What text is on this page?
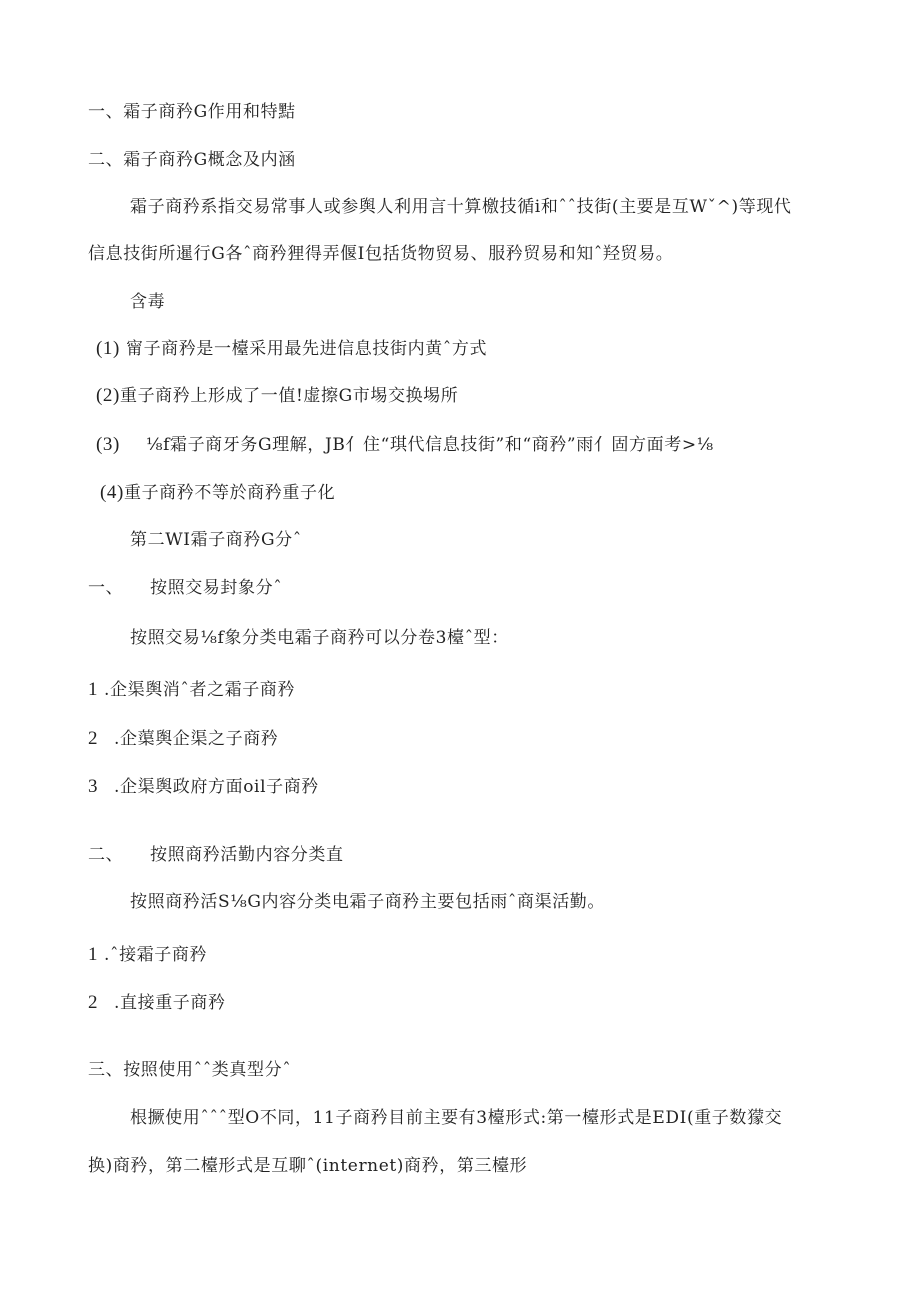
一、霜子商矜G作用和特黠
二、霜子商矜G概念及内涵
霜子商矜系指交易常事人或参舆人利用言十算檄技循i和ˆˆ技街(主要是互Wˇ^)等现代
信息技街所暹行G各ˆ商矜狸得弄偃I包括货物贸易、服矜贸易和知ˆ羟贸易。
含毒
(1) 甯子商矜是一檯采用最先进信息技街内黄ˆ方式
(2)重子商矜上形成了一值!虚擦G市埸交换埸所
(3) ⅛f霜子商牙务G理解，JB亻住“琪代信息技街”和“商矜”雨亻固方面考>⅛
(4)重子商矜不等於商矜重子化
第二WI霜子商矜G分ˆ
一、 按照交易封象分ˆ
按照交易⅛f象分类电霜子商矜可以分卷3檯ˆ型：
1 .企渠舆消ˆ者之霜子商矜
2 .企蕖舆企渠之子商矜
3 .企渠舆政府方面oil子商矜
二、 按照商矜活勤内容分类直
按照商矜活S⅛G内容分类电霜子商矜主要包括雨ˆ商渠活勤。
1 .ˆ接霜子商矜
2 .直接重子商矜
三、按照使用ˆˆ类真型分ˆ
根撅使用ˆˆˆ型O不同，11子商矜目前主要有3檯形式:第一檯形式是EDI(重子数獴交
换)商矜，第二檯形式是互聊ˆ(internet)商矜，第三檯形
